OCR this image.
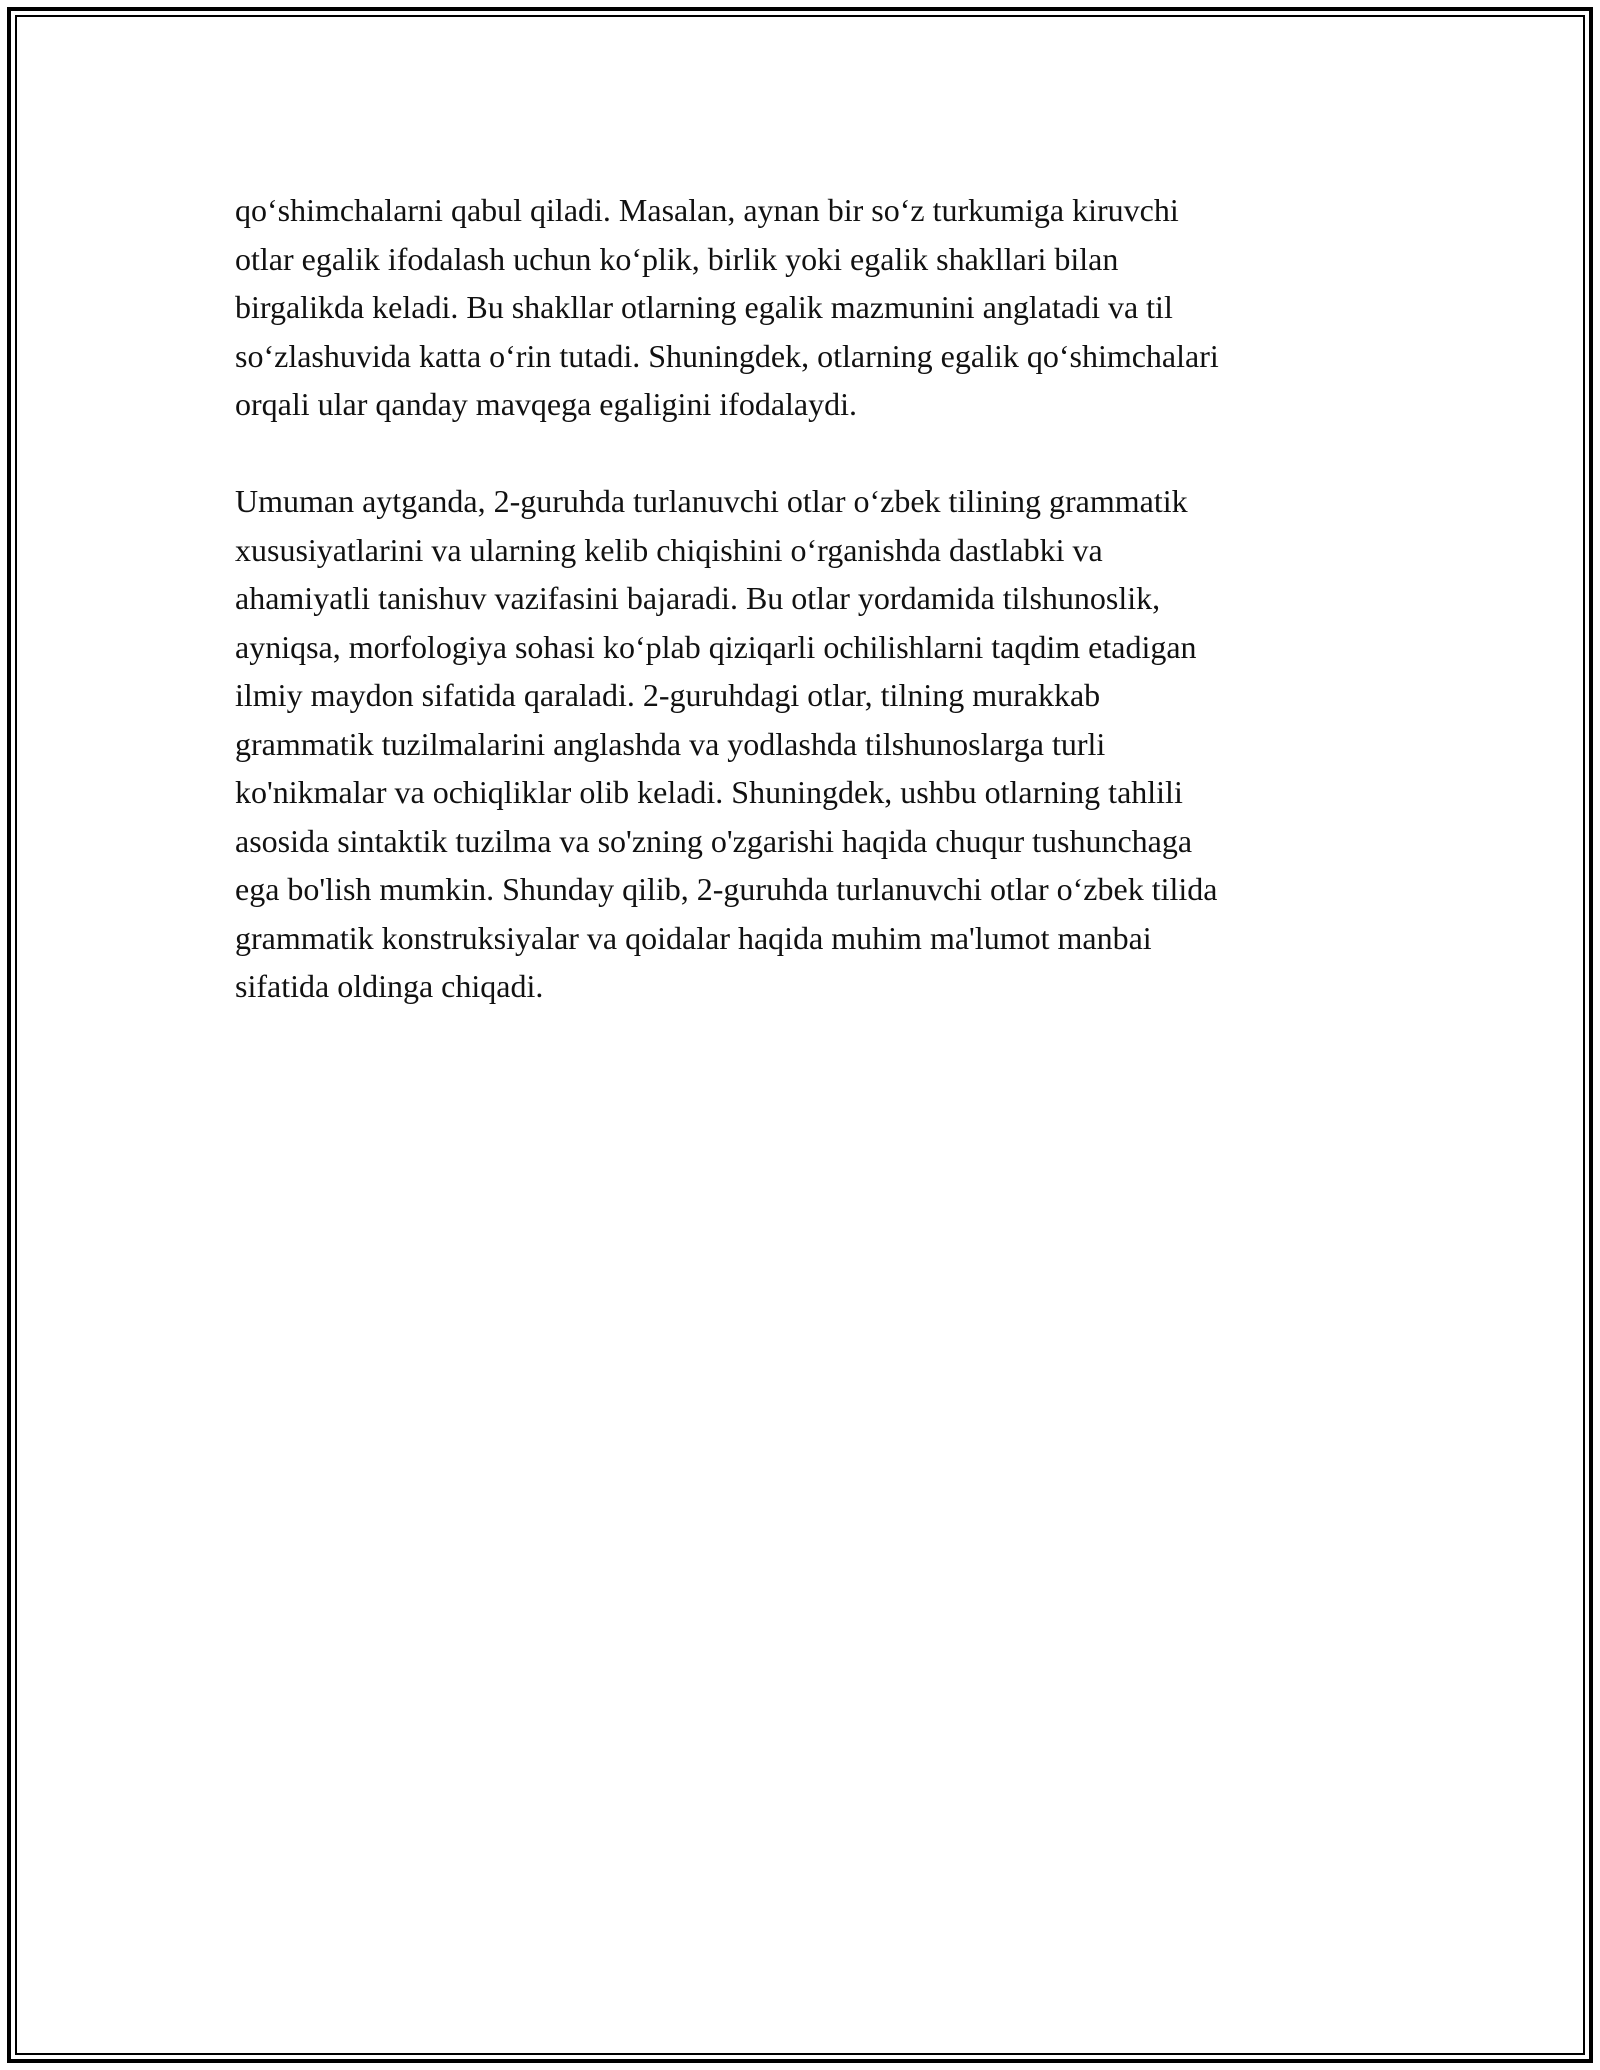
qo‘shimchalarni qabul qiladi. Masalan, aynan bir so‘z turkumiga kiruvchi
otlar egalik ifodalash uchun ko‘plik, birlik yoki egalik shakllari bilan
birgalikda keladi. Bu shakllar otlarning egalik mazmunini anglatadi va til
so‘zlashuvida katta o‘rin tutadi. Shuningdek, otlarning egalik qo‘shimchalari
orqali ular qanday mavqega egaligini ifodalaydi.

Umuman aytganda, 2-guruhda turlanuvchi otlar o‘zbek tilining grammatik
xususiyatlarini va ularning kelib chiqishini o‘rganishda dastlabki va
ahamiyatli tanishuv vazifasini bajaradi. Bu otlar yordamida tilshunoslik,
ayniqsa, morfologiya sohasi ko‘plab qiziqarli ochilishlarni taqdim etadigan
ilmiy maydon sifatida qaraladi. 2-guruhdagi otlar, tilning murakkab
grammatik tuzilmalarini anglashda va yodlashda tilshunoslarga turli
ko'nikmalar va ochiqliklar olib keladi. Shuningdek, ushbu otlarning tahlili
asosida sintaktik tuzilma va so'zning o'zgarishi haqida chuqur tushunchaga
ega bo'lish mumkin. Shunday qilib, 2-guruhda turlanuvchi otlar o‘zbek tilida
grammatik konstruksiyalar va qoidalar haqida muhim ma'lumot manbai
sifatida oldinga chiqadi.
